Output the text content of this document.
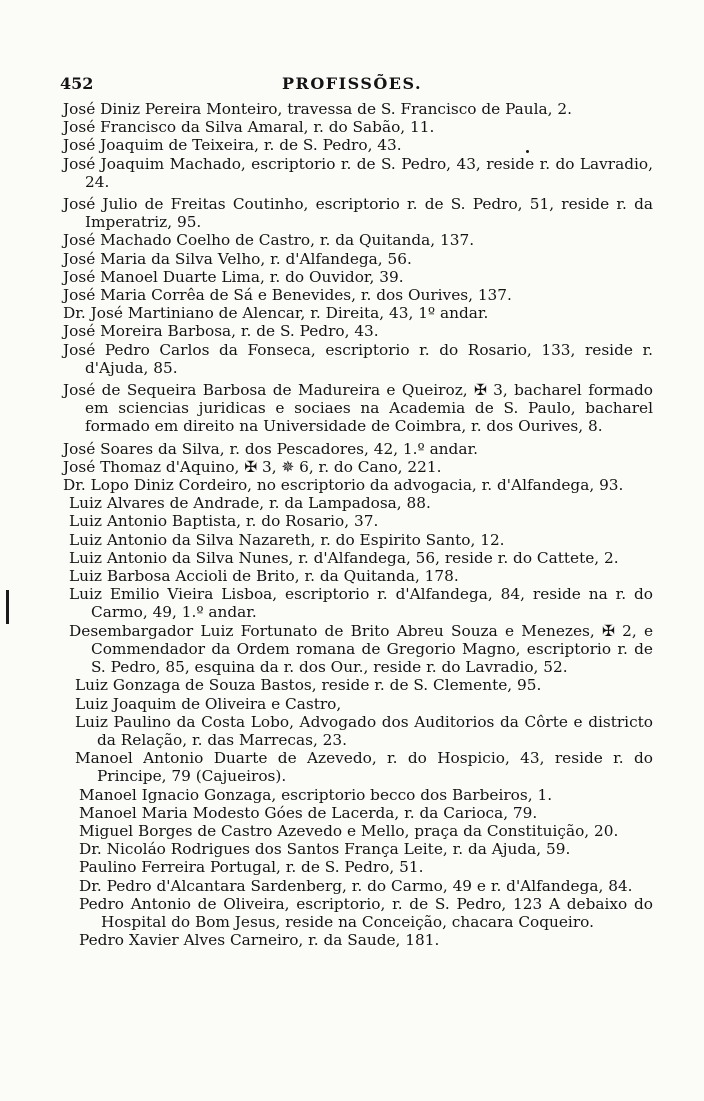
452	PROFISSÕES.

José Diniz Pereira Monteiro, travessa de S. Francisco de Paula, 2.

José Francisco da Silva Amaral, r. do Sabão, 11.

José Joaquim de Teixeira, r. de S. Pedro, 43.

José Joaquim Machado, escriptorio r. de S. Pedro, 43, reside r. do Lavradio, 24.

José Julio de Freitas Coutinho, escriptorio r. de S. Pedro, 51, reside r. da Imperatriz, 95.

José Machado Coelho de Castro, r. da Quitanda, 137.

José Maria da Silva Velho, r. d'Alfandega, 56.

José Manoel Duarte Lima, r. do Ouvidor, 39.

José Maria Corrêa de Sá e Benevides, r. dos Ourives, 137.

Dr. José Martiniano de Alencar, r. Direita, 43, 1º andar.

José Moreira Barbosa, r. de S. Pedro, 43.

José Pedro Carlos da Fonseca, escriptorio r. do Rosario, 133, reside r. d'Ajuda, 85.

José de Sequeira Barbosa de Madureira e Queiroz, ✠ 3, bacharel formado em sciencias juridicas e sociaes na Academia de S. Paulo, bacharel formado em direito na Universidade de Coimbra, r. dos Ourives, 8.

José Soares da Silva, r. dos Pescadores, 42, 1.º andar.

José Thomaz d'Aquino, ✠ 3, ✵ 6, r. do Cano, 221.

Dr. Lopo Diniz Cordeiro, no escriptorio da advogacia, r. d'Alfandega, 93.

Luiz Alvares de Andrade, r. da Lampadosa, 88.

Luiz Antonio Baptista, r. do Rosario, 37.

Luiz Antonio da Silva Nazareth, r. do Espirito Santo, 12.

Luiz Antonio da Silva Nunes, r. d'Alfandega, 56, reside r. do Cattete, 2.

Luiz Barbosa Accioli de Brito, r. da Quitanda, 178.

Luiz Emilio Vieira Lisboa, escriptorio r. d'Alfandega, 84, reside na r. do Carmo, 49, 1.º andar.

Desembargador Luiz Fortunato de Brito Abreu Souza e Menezes, ✠ 2, e Commendador da Ordem romana de Gregorio Magno, escriptorio r. de S. Pedro, 85, esquina da r. dos Our., reside r. do Lavradio, 52.

Luiz Gonzaga de Souza Bastos, reside r. de S. Clemente, 95.

Luiz Joaquim de Oliveira e Castro,

Luiz Paulino da Costa Lobo, Advogado dos Auditorios da Côrte e districto da Relação, r. das Marrecas, 23.

Manoel Antonio Duarte de Azevedo, r. do Hospicio, 43, reside r. do Principe, 79 (Cajueiros).

Manoel Ignacio Gonzaga, escriptorio becco dos Barbeiros, 1.

Manoel Maria Modesto Góes de Lacerda, r. da Carioca, 79.

Miguel Borges de Castro Azevedo e Mello, praça da Constituição, 20.

Dr. Nicoláo Rodrigues dos Santos França Leite, r. da Ajuda, 59.

Paulino Ferreira Portugal, r. de S. Pedro, 51.

Dr. Pedro d'Alcantara Sardenberg, r. do Carmo, 49 e r. d'Alfandega, 84.

Pedro Antonio de Oliveira, escriptorio, r. de S. Pedro, 123 A debaixo do Hospital do Bom Jesus, reside na Conceição, chacara Coqueiro.

Pedro Xavier Alves Carneiro, r. da Saude, 181.
